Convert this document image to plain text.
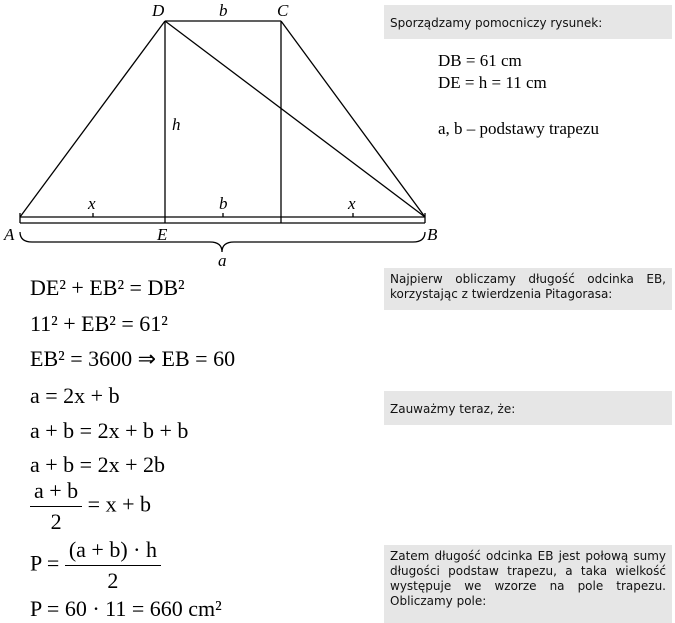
D	b	C
h
x	b	x
A	E	B
a
Sporządzamy pomocniczy rysunek:
Najpierw obliczamy długość odcinka EB, korzystając z twierdzenia Pitagorasa:
Zauważmy teraz, że:
Zatem długość odcinka EB jest połową sumy długości podstaw trapezu, a taka wielkość występuje we wzorze na pole trapezu. Obliczamy pole:
DB = 61 cm
DE = h = 11 cm
a, b – podstawy trapezu
DE² + EB² = DB²
11² + EB² = 61²
EB² = 3600 ⇒ EB = 60
a = 2x + b
a + b = 2x + b + b
a + b = 2x + 2b
$\frac{a + b}{2} = x + b$
$P = \frac{(a + b) \cdot h}{2}$
P = 60 · 11 = 660 cm²
